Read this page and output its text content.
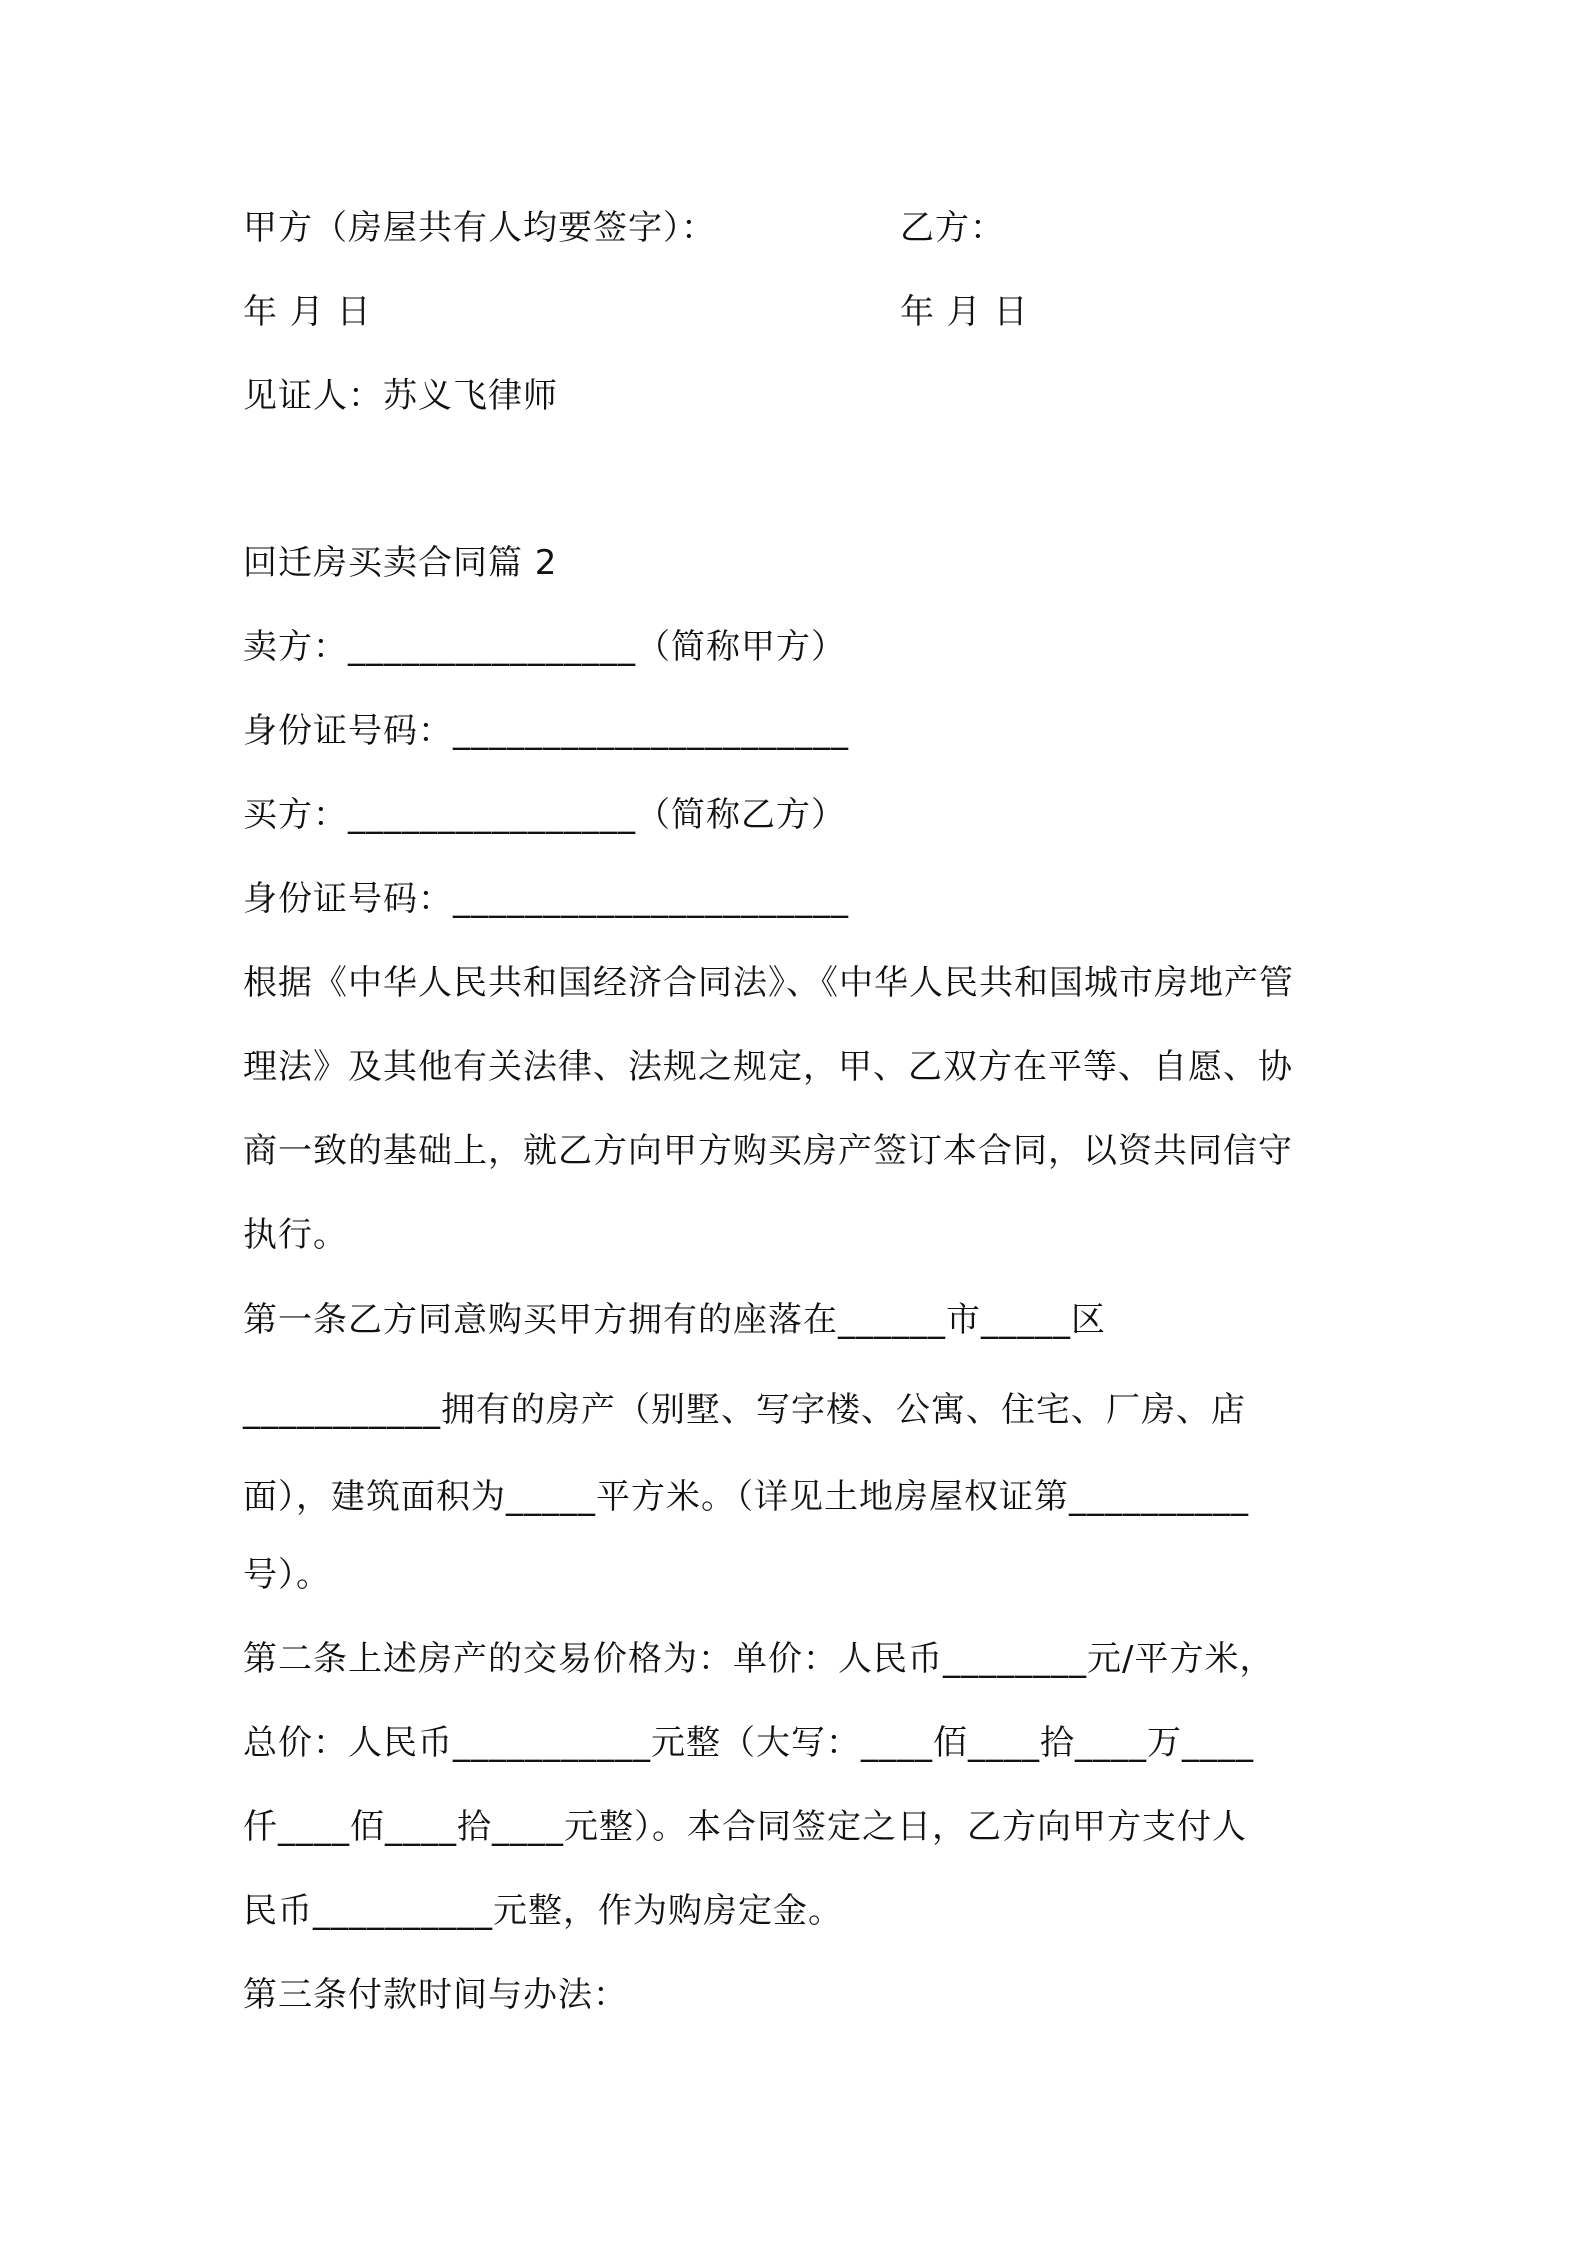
甲方（房屋共有人均要签字）：	乙方：
年 月 日	年 月 日
见证人：苏义飞律师
回迁房买卖合同篇 2
卖方：________________（简称甲方）
身份证号码：______________________
买方：________________（简称乙方）
身份证号码：______________________
根据《中华人民共和国经济合同法》、《中华人民共和国城市房地产管
理法》及其他有关法律、法规之规定，甲、乙双方在平等、自愿、协
商一致的基础上，就乙方向甲方购买房产签订本合同，以资共同信守
执行。
第一条乙方同意购买甲方拥有的座落在______市_____区
___________拥有的房产（别墅、写字楼、公寓、住宅、厂房、店
面），建筑面积为_____平方米。（详见土地房屋权证第__________
号）。
第二条上述房产的交易价格为：单价：人民币________元/平方米，
总价：人民币___________元整（大写：____佰____拾____万____
仟____佰____拾____元整）。本合同签定之日，乙方向甲方支付人
民币__________元整，作为购房定金。
第三条付款时间与办法：
